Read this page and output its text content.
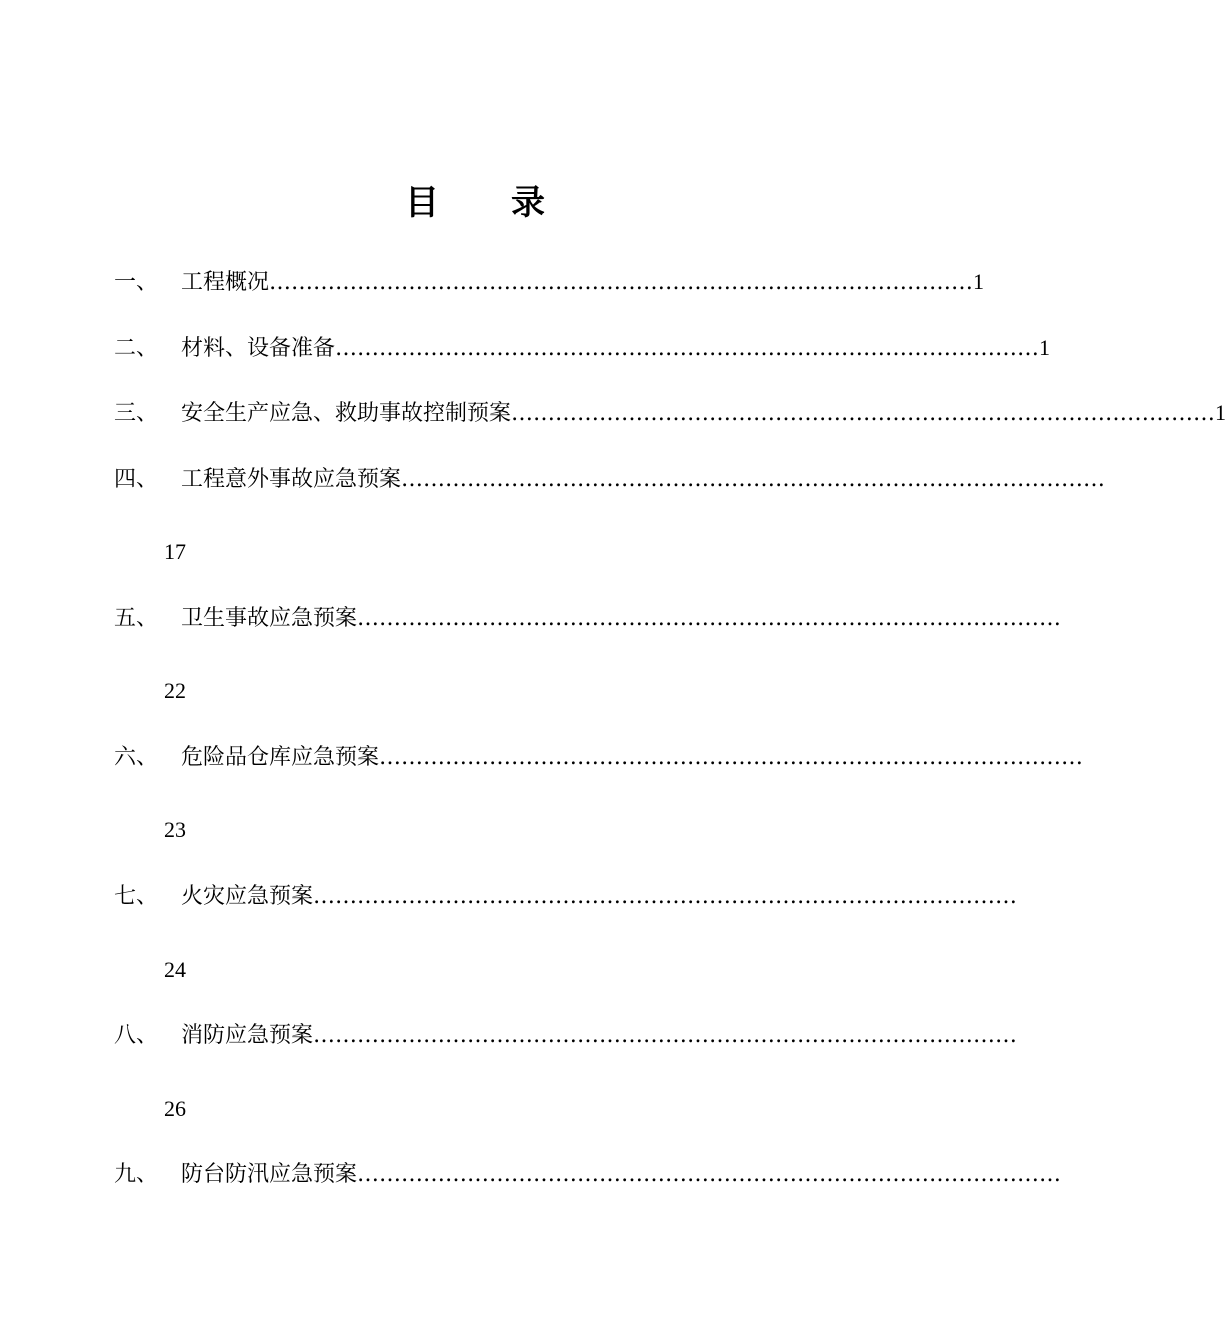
目 录
一、	工程概况 …………………………………………………………………………………… 1
二、	材料、设备准备 …………………………………………………………………………………… 1
三、	安全生产应急、救助事故控制预案 …………………………………………………………………………………… 1
四、	工程意外事故应急预案 ……………………………………………………………………………………
17
五、	卫生事故应急预案 ……………………………………………………………………………………
22
六、	危险品仓库应急预案 ……………………………………………………………………………………
23
七、	火灾应急预案 ……………………………………………………………………………………
24
八、	消防应急预案 ……………………………………………………………………………………
26
九、	防台防汛应急预案 ……………………………………………………………………………………
